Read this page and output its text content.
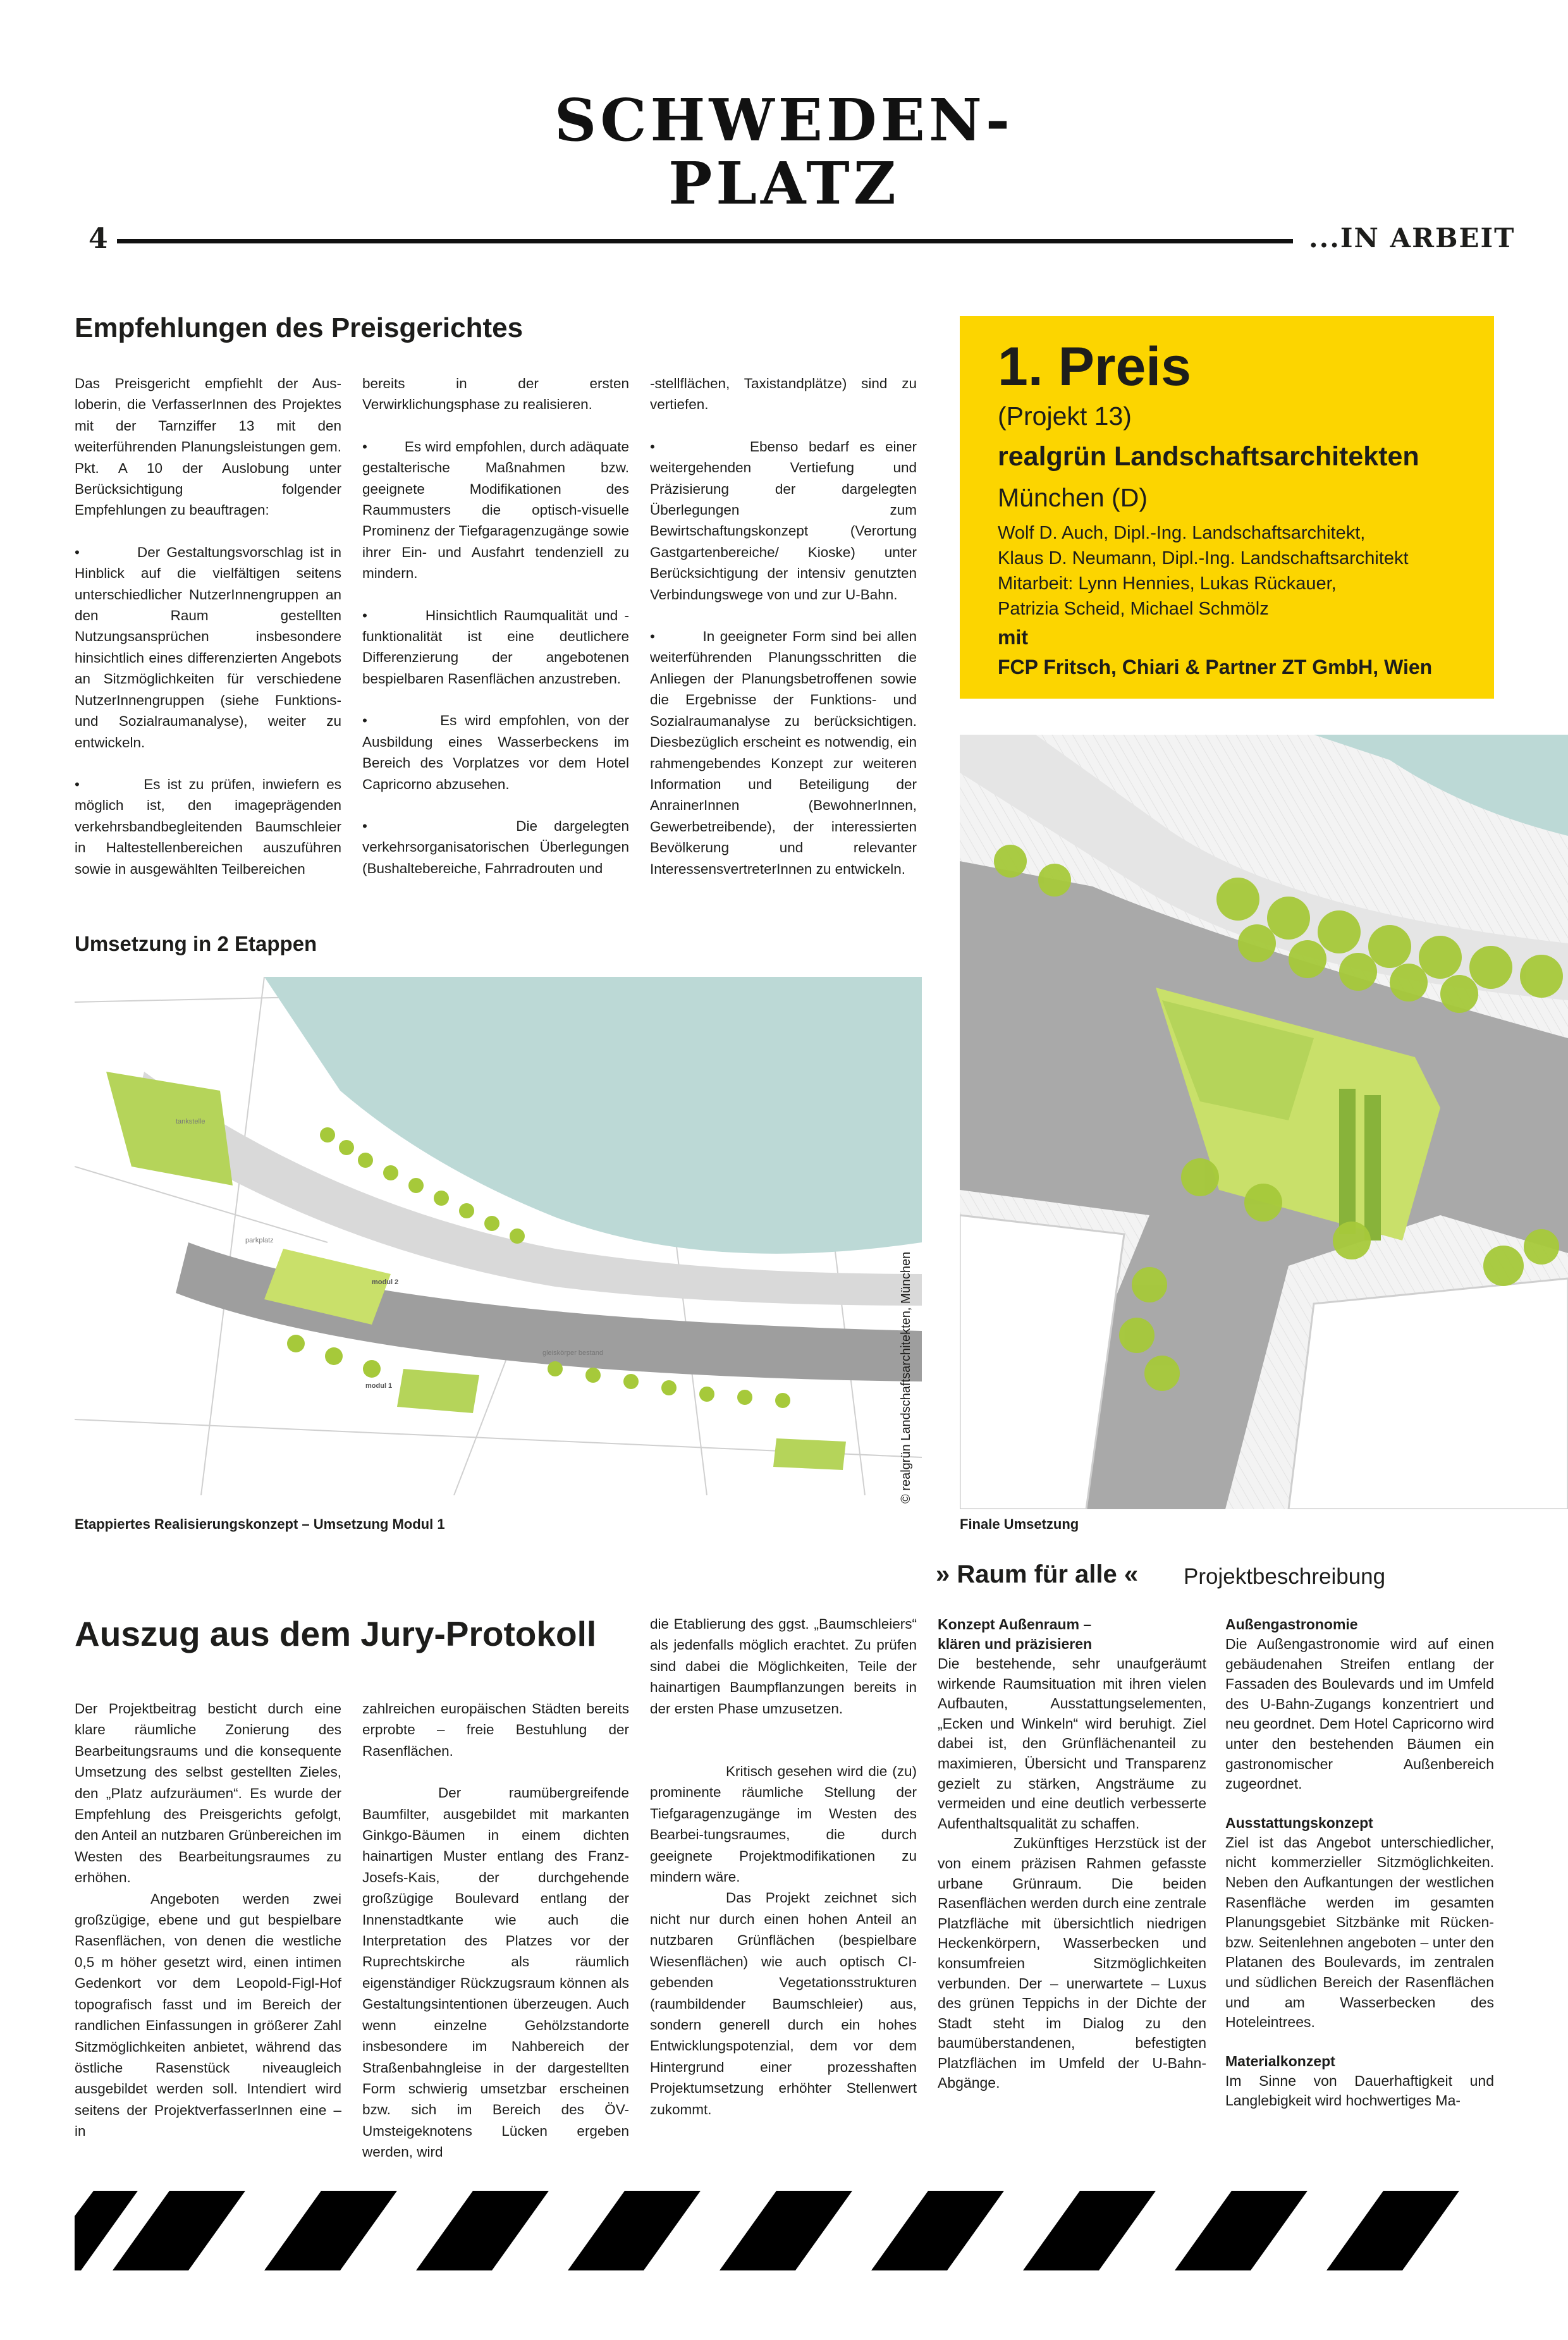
SCHWEDEN-
PLATZ
4	...IN ARBEIT
Empfehlungen des Preisgerichtes

Das Preisgericht empfiehlt der Aus-loberin, die VerfasserInnen des Projektes mit der Tarnziffer 13 mit den weiterführenden Planungsleistungen gem. Pkt. A 10 der Auslobung unter Berücksichtigung folgender Empfehlungen zu beauftragen:

•         Der Gestaltungsvorschlag ist in Hinblick auf die vielfältigen seitens unterschiedlicher NutzerInnengruppen an den Raum gestellten Nutzungsansprüchen insbesondere hinsichtlich eines differenzierten Angebots an Sitzmöglichkeiten für verschiedene NutzerInnengruppen (siehe Funktions- und Sozialraumanalyse), weiter zu entwickeln.

•         Es ist zu prüfen, inwiefern es möglich ist, den imageprägenden verkehrsbandbegleitenden Baumschleier in Haltestellenbereichen auszuführen sowie in ausgewählten Teilbereichen

bereits in der ersten Verwirklichungsphase zu realisieren.

•         Es wird empfohlen, durch adäquate gestalterische Maßnahmen bzw. geeignete Modifikationen des Raummusters die optisch-visuelle Prominenz der Tiefgaragenzugänge sowie ihrer Ein- und Ausfahrt tendenziell zu mindern.

•         Hinsichtlich Raumqualität und -funktionalität ist eine deutlichere Differenzierung der angebotenen bespielbaren Rasenflächen anzustreben.

•         Es wird empfohlen, von der Ausbildung eines Wasserbeckens im Bereich des Vorplatzes vor dem Hotel Capricorno abzusehen.

•         Die dargelegten verkehrsorganisatorischen Überlegungen (Bushaltebereiche, Fahrradrouten und

-stellflächen, Taxistandplätze) sind zu vertiefen.

•         Ebenso bedarf es einer weitergehenden Vertiefung und Präzisierung der dargelegten Überlegungen zum Bewirtschaftungskonzept (Verortung Gastgartenbereiche/ Kioske) unter Berücksichtigung der intensiv genutzten Verbindungswege von und zur U-Bahn.

•         In geeigneter Form sind bei allen weiterführenden Planungsschritten die Anliegen der Planungsbetroffenen sowie die Ergebnisse der Funktions- und Sozialraumanalyse zu berücksichtigen. Diesbezüglich erscheint es notwendig, ein rahmengebendes Konzept zur weiteren Information und Beteiligung der AnrainerInnen (BewohnerInnen, Gewerbetreibende), der interessierten Bevölkerung und relevanter InteressensvertreterInnen zu entwickeln.

1. Preis
(Projekt 13)
realgrün Landschaftsarchitekten
München (D)
Wolf D. Auch, Dipl.-Ing. Landschaftsarchitekt,
Klaus D. Neumann, Dipl.-Ing. Landschaftsarchitekt
Mitarbeit: Lynn Hennies, Lukas Rückauer,
Patrizia Scheid, Michael Schmölz
mit
FCP Fritsch, Chiari & Partner ZT GmbH, Wien
Umsetzung in 2 Etappen
tankstelle
parkplatz
modul 2
gleiskörper bestand
modul 1	© realgrün Landschaftsarchitekten, München
Etappiertes Realisierungskonzept – Umsetzung Modul 1	Finale Umsetzung
» Raum für alle « Projektbeschreibung
Auszug aus dem Jury-Protokoll

Der Projektbeitrag besticht durch eine klare räumliche Zonierung des Bearbeitungsraums und die konsequente Umsetzung des selbst gestellten Zieles, den „Platz aufzuräumen“. Es wurde der Empfehlung des Preisgerichts gefolgt, den Anteil an nutzbaren Grünbereichen im Westen des Bearbeitungsraumes zu erhöhen.

Angeboten werden zwei großzügige, ebene und gut bespielbare Rasenflächen, von denen die westliche 0,5 m höher gesetzt wird, einen intimen Gedenkort vor dem Leopold-Figl-Hof topografisch fasst und im Bereich der randlichen Einfassungen in größerer Zahl Sitzmöglichkeiten anbietet, während das östliche Rasenstück niveaugleich ausgebildet werden soll. Intendiert wird seitens der ProjektverfasserInnen eine – in

zahlreichen europäischen Städten bereits erprobte – freie Bestuhlung der Rasenflächen.

Der raumübergreifende Baumfilter, ausgebildet mit markanten Ginkgo-Bäumen in einem dichten hainartigen Muster entlang des Franz-Josefs-Kais, der durchgehende großzügige Boulevard entlang der Innenstadtkante wie auch die Interpretation des Platzes vor der Ruprechtskirche als räumlich eigenständiger Rückzugsraum können als Gestaltungsintentionen überzeugen. Auch wenn einzelne Gehölzstandorte insbesondere im Nahbereich der Straßenbahngleise in der dargestellten Form schwierig umsetzbar erscheinen bzw. sich im Bereich des ÖV-Umsteigeknotens Lücken ergeben werden, wird

die Etablierung des ggst. „Baumschleiers“ als jedenfalls möglich erachtet. Zu prüfen sind dabei die Möglichkeiten, Teile der hainartigen Baumpflanzungen bereits in der ersten Phase umzusetzen.

Kritisch gesehen wird die (zu) prominente räumliche Stellung der Tiefgaragenzugänge im Westen des Bearbei-tungsraumes, die durch geeignete Projektmodifikationen zu mindern wäre.

Das Projekt zeichnet sich nicht nur durch einen hohen Anteil an nutzbaren Grünflächen (bespielbare Wiesenflächen) wie auch optisch CI-gebenden Vegetationsstrukturen (raumbildender Baumschleier) aus, sondern generell durch ein hohes Entwicklungspotenzial, dem vor dem Hintergrund einer prozesshaften Projektumsetzung erhöhter Stellenwert zukommt.

Konzept Außenraum –
klären und präzisieren

Die bestehende, sehr unaufgeräumt wirkende Raumsituation mit ihren vielen Aufbauten, Ausstattungselementen, „Ecken und Winkeln“ wird beruhigt. Ziel dabei ist, den Grünflächenanteil zu maximieren, Übersicht und Transparenz gezielt zu stärken, Angsträume zu vermeiden und eine deutlich verbesserte Aufenthaltsqualität zu schaffen.

Zukünftiges Herzstück ist der von einem präzisen Rahmen gefasste urbane Grünraum. Die beiden Rasenflächen werden durch eine zentrale Platzfläche mit übersichtlich niedrigen Heckenkörpern, Wasserbecken und konsumfreien Sitzmöglichkeiten verbunden. Der – unerwartete – Luxus des grünen Teppichs in der Dichte der Stadt steht im Dialog zu den baumüberstandenen, befestigten Platzflächen im Umfeld der U-Bahn-Abgänge.

Außengastronomie

Die Außengastronomie wird auf einen gebäudenahen Streifen entlang der Fassaden des Boulevards und im Umfeld des U-Bahn-Zugangs konzentriert und neu geordnet. Dem Hotel Capricorno wird unter den bestehenden Bäumen ein gastronomischer Außenbereich zugeordnet.

Ausstattungskonzept

Ziel ist das Angebot unterschiedlicher, nicht kommerzieller Sitzmöglichkeiten. Neben den Aufkantungen der westlichen Rasenfläche werden im gesamten Planungsgebiet Sitzbänke mit Rücken- bzw. Seitenlehnen angeboten – unter den Platanen des Boulevards, im zentralen und südlichen Bereich der Rasenflächen und am Wasserbecken des Hoteleintrees.

Materialkonzept

Im Sinne von Dauerhaftigkeit und Langlebigkeit wird hochwertiges Ma-
